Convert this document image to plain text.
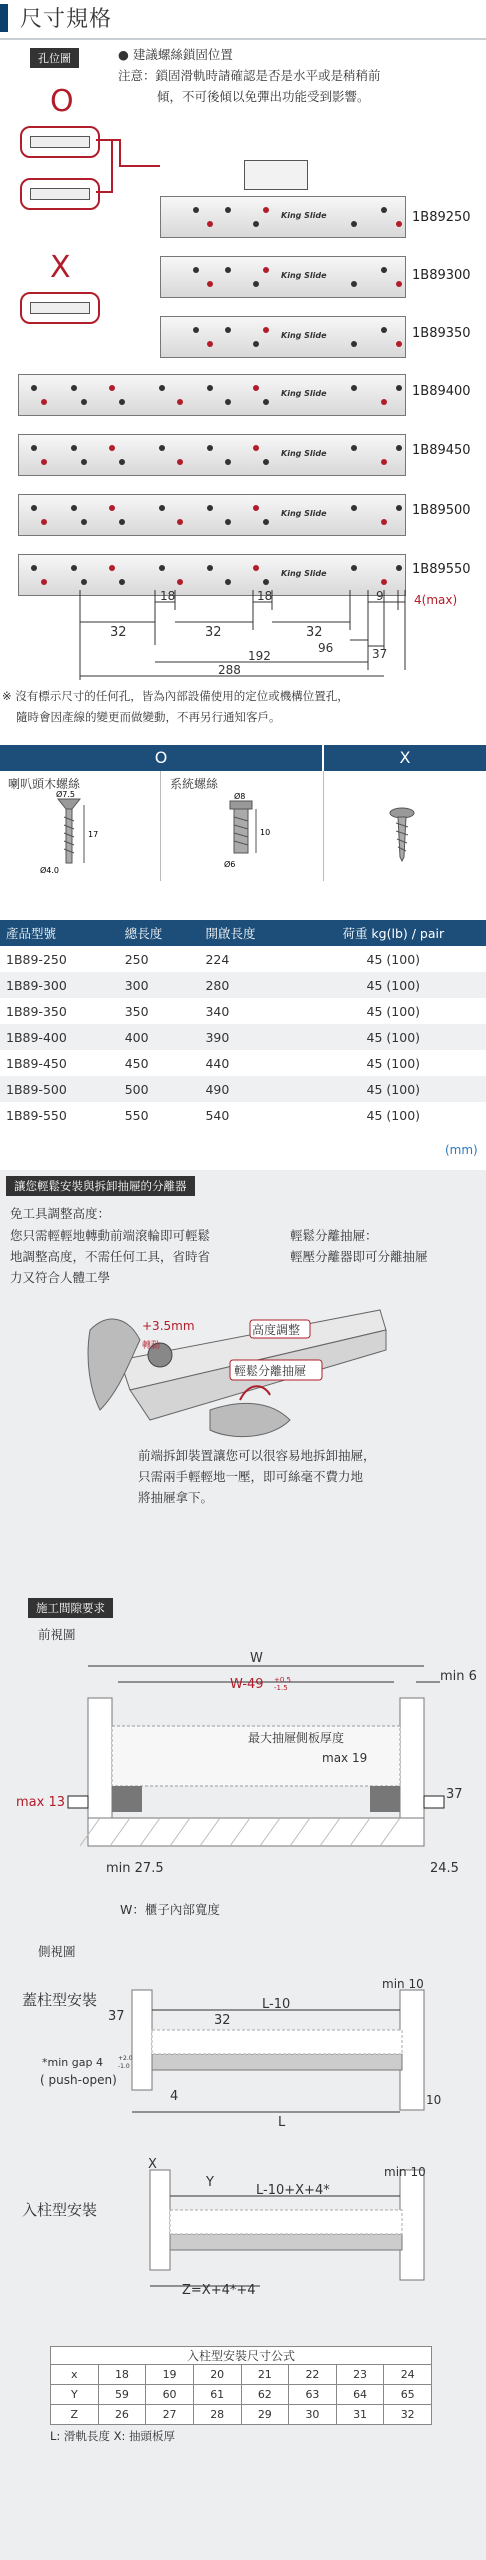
尺寸規格
孔位圖	● 建議螺絲鎖固位置
注意：鎖固滑軌時請確認是否是水平或是稍稍前
傾，不可後傾以免彈出功能受到影響。
O
X
King Slide
King Slide
King Slide
King Slide
King Slide
King Slide
King Slide
1B89250
1B89300
1B89350
1B89400
1B89450
1B89500
1B89550
18	18	9	4(max)
32	32	32
96	37
192
288
※ 沒有標示尺寸的任何孔，皆為內部設備使用的定位或機構位置孔，
隨時會因產線的變更而做變動，不再另行通知客戶。
O	X
喇叭頭木螺絲	系統螺絲
Ø7.5
17
Ø4.0
Ø8
10
Ø6
產品型號	總長度	開啟長度	荷重 kg(lb) / pair
1B89-250	250	224	45 (100)
1B89-300	300	280	45 (100)
1B89-350	350	340	45 (100)
1B89-400	400	390	45 (100)
1B89-450	450	440	45 (100)
1B89-500	500	490	45 (100)
1B89-550	550	540	45 (100)
(mm)
讓您輕鬆安裝與拆卸抽屜的分離器
免工具調整高度：
您只需輕輕地轉動前端滾輪即可輕鬆
地調整高度，不需任何工具，省時省
力又符合人體工學
輕鬆分離抽屜：
輕壓分離器即可分離抽屜
高度調整
+3.5mm
轉動
輕鬆分離抽屜
前端拆卸裝置讓您可以很容易地拆卸抽屜，
只需兩手輕輕地一壓，即可絲毫不費力地
將抽屜拿下。
施工間隙要求
前視圖
W
W-49 +0.5
-1.5
min 6
最大抽屜側板厚度
max 19
max 13
37
min 27.5	24.5
W：櫃子內部寬度
側視圖
蓋柱型安裝	L-10
min 10
37	32
*min gap 4	+2.0
-1.0
( push-open)
4
L
10
入柱型安裝
X
Y
min 10
L-10+X+4*
Z=X+4*+4
入柱型安裝尺寸公式
x	18	19	20	21	22	23	24
Y	59	60	61	62	63	64	65
Z	26	27	28	29	30	31	32
L: 滑軌長度 X: 抽頭板厚
